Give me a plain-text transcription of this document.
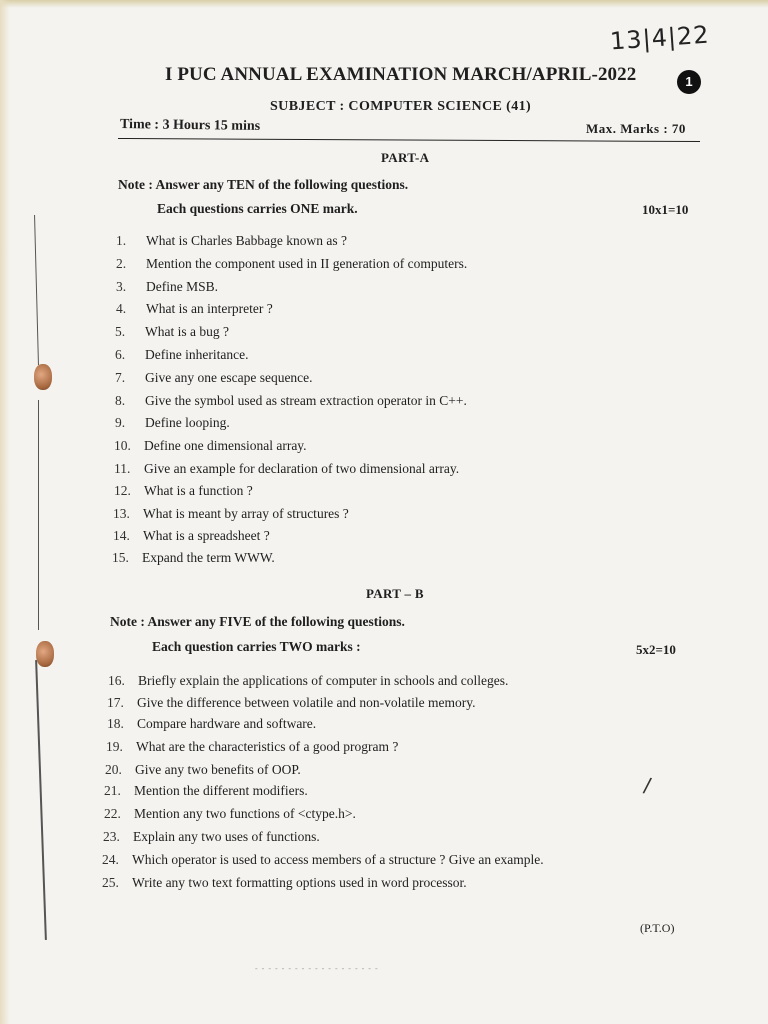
13|4|22
I PUC ANNUAL EXAMINATION MARCH/APRIL-2022	1
SUBJECT : COMPUTER SCIENCE (41)
Time : 3 Hours 15 mins	Max. Marks : 70
PART-A
Note : Answer any TEN of the following questions.
Each questions carries ONE mark.	10x1=10
1.	What is Charles Babbage known as ?
2.	Mention the component used in II generation of computers.
3.	Define MSB.
4.	What is an interpreter ?
5.	What is a bug ?
6.	Define inheritance.
7.	Give any one escape sequence.
8.	Give the symbol used as stream extraction operator in C++.
9.	Define looping.
10. Define one dimensional array.
11.	Give an example for declaration of two dimensional array.
12. What is a function ?
13. What is meant by array of structures ?
14. What is a spreadsheet ?
15. Expand the term WWW.
PART – B
Note : Answer any FIVE of the following questions.
Each question carries TWO marks :	5x2=10
16. Briefly explain the applications of computer in schools and colleges.
17. Give the difference between volatile and non-volatile memory.
18. Compare hardware and software.
19. What are the characteristics of a good program ?
20. Give any two benefits of OOP.
21. Mention the different modifiers.
22. Mention any two functions of <ctype.h>.
23. Explain any two uses of functions.
24. Which operator is used to access members of a structure ? Give an example.
25. Write any two text formatting options used in word processor.
/
(P.T.O)
- - - - - - - - - - - - - - - - - - -
